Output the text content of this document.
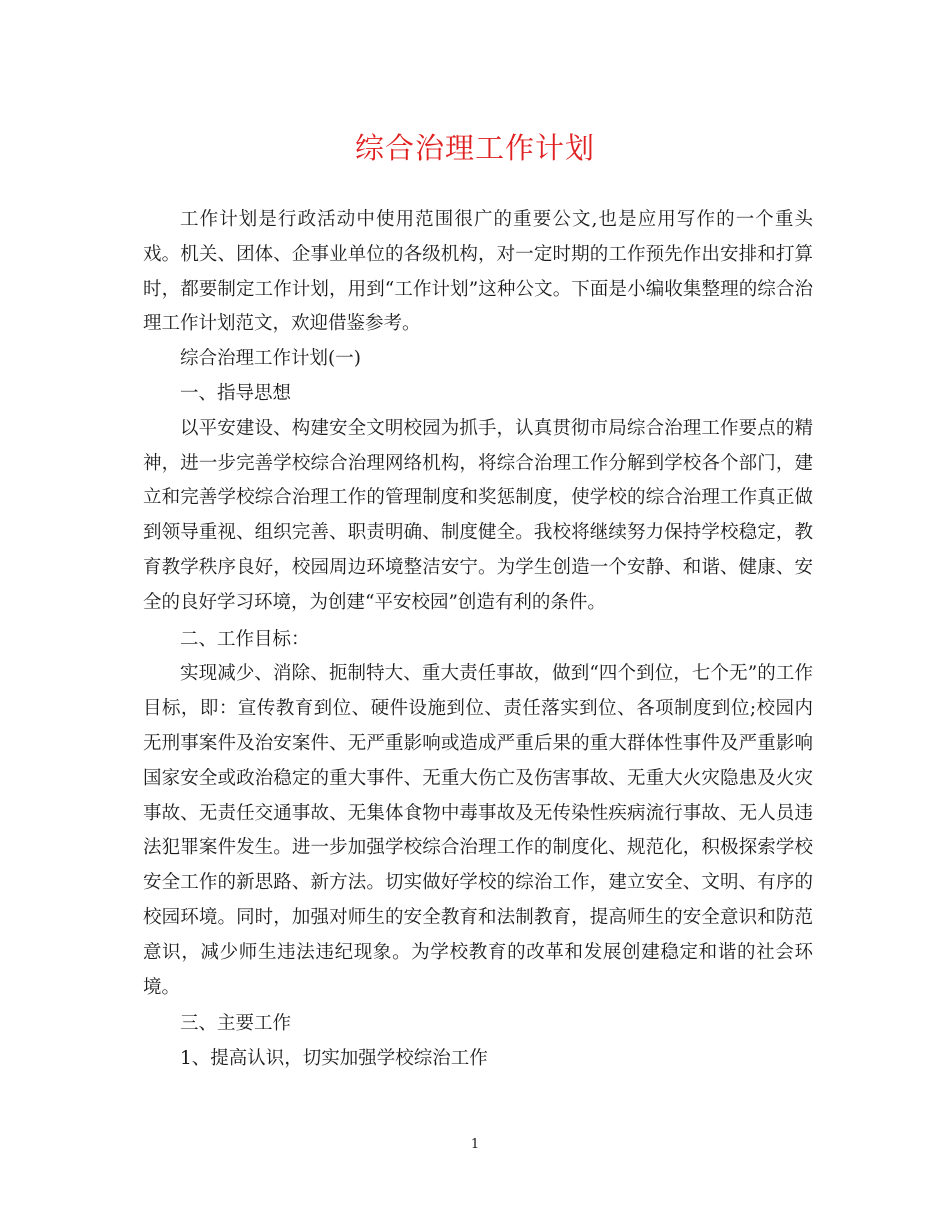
综合治理工作计划

工作计划是行政活动中使用范围很广的重要公文,也是应用写作的一个重头戏。机关、团体、企事业单位的各级机构，对一定时期的工作预先作出安排和打算时，都要制定工作计划，用到“工作计划”这种公文。下面是小编收集整理的综合治理工作计划范文，欢迎借鉴参考。

综合治理工作计划(一)

一、指导思想

以平安建设、构建安全文明校园为抓手，认真贯彻市局综合治理工作要点的精神，进一步完善学校综合治理网络机构，将综合治理工作分解到学校各个部门，建立和完善学校综合治理工作的管理制度和奖惩制度，使学校的综合治理工作真正做到领导重视、组织完善、职责明确、制度健全。我校将继续努力保持学校稳定，教育教学秩序良好，校园周边环境整洁安宁。为学生创造一个安静、和谐、健康、安全的良好学习环境，为创建“平安校园”创造有利的条件。

二、工作目标：

实现减少、消除、扼制特大、重大责任事故，做到“四个到位，七个无”的工作目标，即：宣传教育到位、硬件设施到位、责任落实到位、各项制度到位;校园内无刑事案件及治安案件、无严重影响或造成严重后果的重大群体性事件及严重影响国家安全或政治稳定的重大事件、无重大伤亡及伤害事故、无重大火灾隐患及火灾事故、无责任交通事故、无集体食物中毒事故及无传染性疾病流行事故、无人员违法犯罪案件发生。进一步加强学校综合治理工作的制度化、规范化，积极探索学校安全工作的新思路、新方法。切实做好学校的综治工作，建立安全、文明、有序的校园环境。同时，加强对师生的安全教育和法制教育，提高师生的安全意识和防范意识，减少师生违法违纪现象。为学校教育的改革和发展创建稳定和谐的社会环境。

三、主要工作

1、提高认识，切实加强学校综治工作

1
